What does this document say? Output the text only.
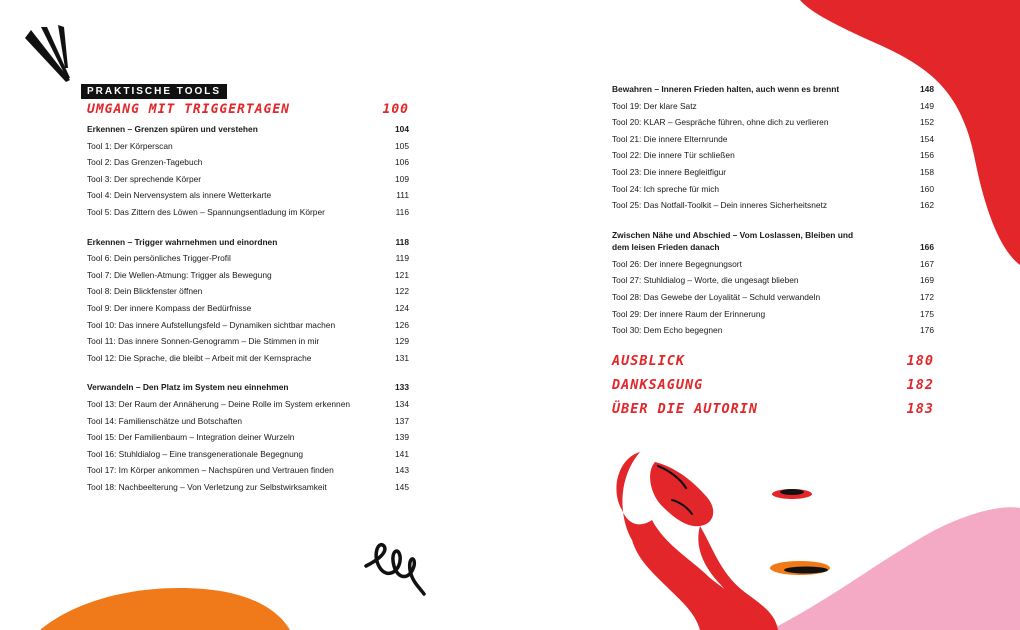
PRAKTISCHE TOOLS
UMGANG MIT TRIGGERTAGEN	100
Erkennen – Grenzen spüren und verstehen	104
Tool 1: Der Körperscan	105
Tool 2: Das Grenzen-Tagebuch	106
Tool 3: Der sprechende Körper	109
Tool 4: Dein Nervensystem als innere Wetterkarte	111
Tool 5: Das Zittern des Löwen – Spannungsentladung im Körper	116
Erkennen – Trigger wahrnehmen und einordnen	118
Tool 6: Dein persönliches Trigger-Profil	119
Tool 7: Die Wellen-Atmung: Trigger als Bewegung	121
Tool 8: Dein Blickfenster öffnen	122
Tool 9: Der innere Kompass der Bedürfnisse	124
Tool 10: Das innere Aufstellungsfeld – Dynamiken sichtbar machen	126
Tool 11: Das innere Sonnen-Genogramm – Die Stimmen in mir	129
Tool 12: Die Sprache, die bleibt – Arbeit mit der Kernsprache	131
Verwandeln – Den Platz im System neu einnehmen	133
Tool 13: Der Raum der Annäherung – Deine Rolle im System erkennen	134
Tool 14: Familienschätze und Botschaften	137
Tool 15: Der Familienbaum – Integration deiner Wurzeln	139
Tool 16: Stuhldialog – Eine transgenerationale Begegnung	141
Tool 17: Im Körper ankommen – Nachspüren und Vertrauen finden	143
Tool 18: Nachbeelterung – Von Verletzung zur Selbstwirksamkeit	145
Bewahren – Inneren Frieden halten, auch wenn es brennt	148
Tool 19: Der klare Satz	149
Tool 20: KLAR – Gespräche führen, ohne dich zu verlieren	152
Tool 21: Die innere Elternrunde	154
Tool 22: Die innere Tür schließen	156
Tool 23: Die innere Begleitfigur	158
Tool 24: Ich spreche für mich	160
Tool 25: Das Notfall-Toolkit – Dein inneres Sicherheitsnetz	162
Zwischen Nähe und Abschied – Vom Loslassen, Bleiben und dem leisen Frieden danach	166
Tool 26: Der innere Begegnungsort	167
Tool 27: Stuhldialog – Worte, die ungesagt blieben	169
Tool 28: Das Gewebe der Loyalität – Schuld verwandeln	172
Tool 29: Der innere Raum der Erinnerung	175
Tool 30: Dem Echo begegnen	176
AUSBLICK	180
DANKSAGUNG	182
ÜBER DIE AUTORIN	183
